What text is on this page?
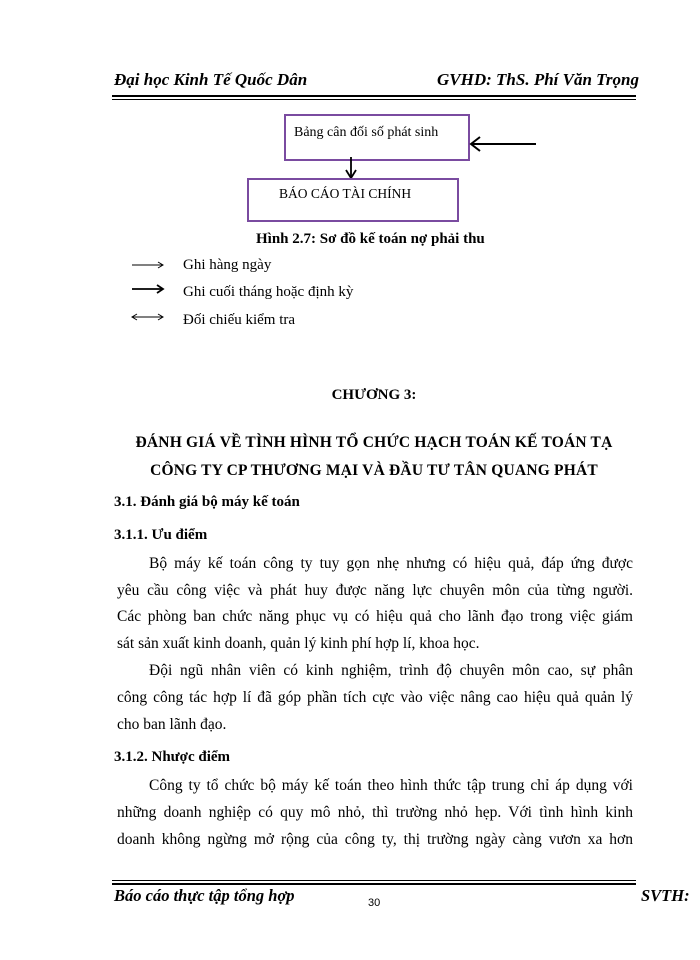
Đại học Kinh Tế Quốc Dân	GVHD: ThS. Phí Văn Trọng
Bảng cân đối số phát sinh
BÁO CÁO TÀI CHÍNH
Hình 2.7: Sơ đồ kế toán nợ phải thu
Ghi hàng ngày
Ghi cuối tháng hoặc định kỳ
Đối chiếu kiểm tra
CHƯƠNG 3:
ĐÁNH GIÁ VỀ TÌNH HÌNH TỔ CHỨC HẠCH TOÁN KẾ TOÁN TẠ
CÔNG TY CP THƯƠNG MẠI VÀ ĐẦU TƯ TÂN QUANG PHÁT
3.1. Đánh giá bộ máy kế toán
3.1.1. Ưu điểm
Bộ máy kế toán công ty tuy gọn nhẹ nhưng có hiệu quả, đáp ứng được
yêu cầu công việc và phát huy được năng lực chuyên môn của từng người.
Các phòng ban chức năng phục vụ có hiệu quả cho lãnh đạo trong việc giám
sát sản xuất kinh doanh, quản lý kinh phí hợp lí, khoa học.
Đội ngũ nhân viên có kinh nghiệm, trình độ chuyên môn cao, sự phân
công công tác hợp lí đã góp phần tích cực vào việc nâng cao hiệu quả quản lý
cho ban lãnh đạo.
3.1.2. Nhược điểm
Công ty tổ chức bộ máy kế toán theo hình thức tập trung chỉ áp dụng với
những doanh nghiệp có quy mô nhỏ, thì trường nhỏ hẹp. Với tình hình kinh
doanh không ngừng mở rộng của công ty, thị trường ngày càng vươn xa hơn
Báo cáo thực tập tổng hợp	30	SVTH:
